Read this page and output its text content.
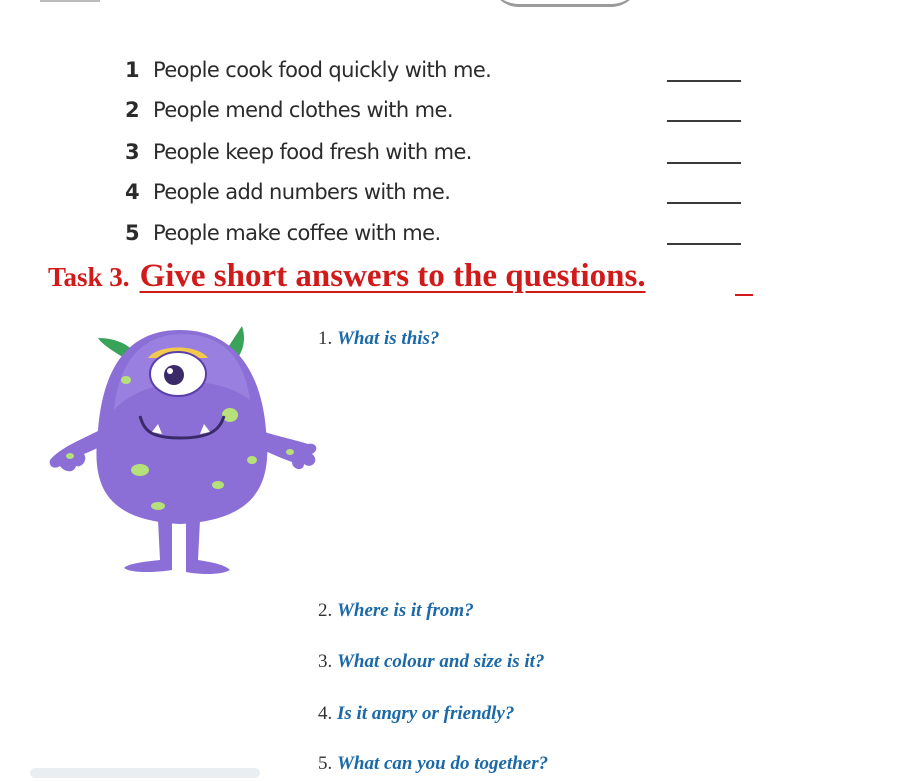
1 People cook food quickly with me.
2 People mend clothes with me.
3 People keep food fresh with me.
4 People add numbers with me.
5 People make coffee with me.
Task 3. Give short answers to the questions.
1. What is this?
2. Where is it from?
3. What colour and size is it?
4. Is it angry or friendly?
5. What can you do together?
